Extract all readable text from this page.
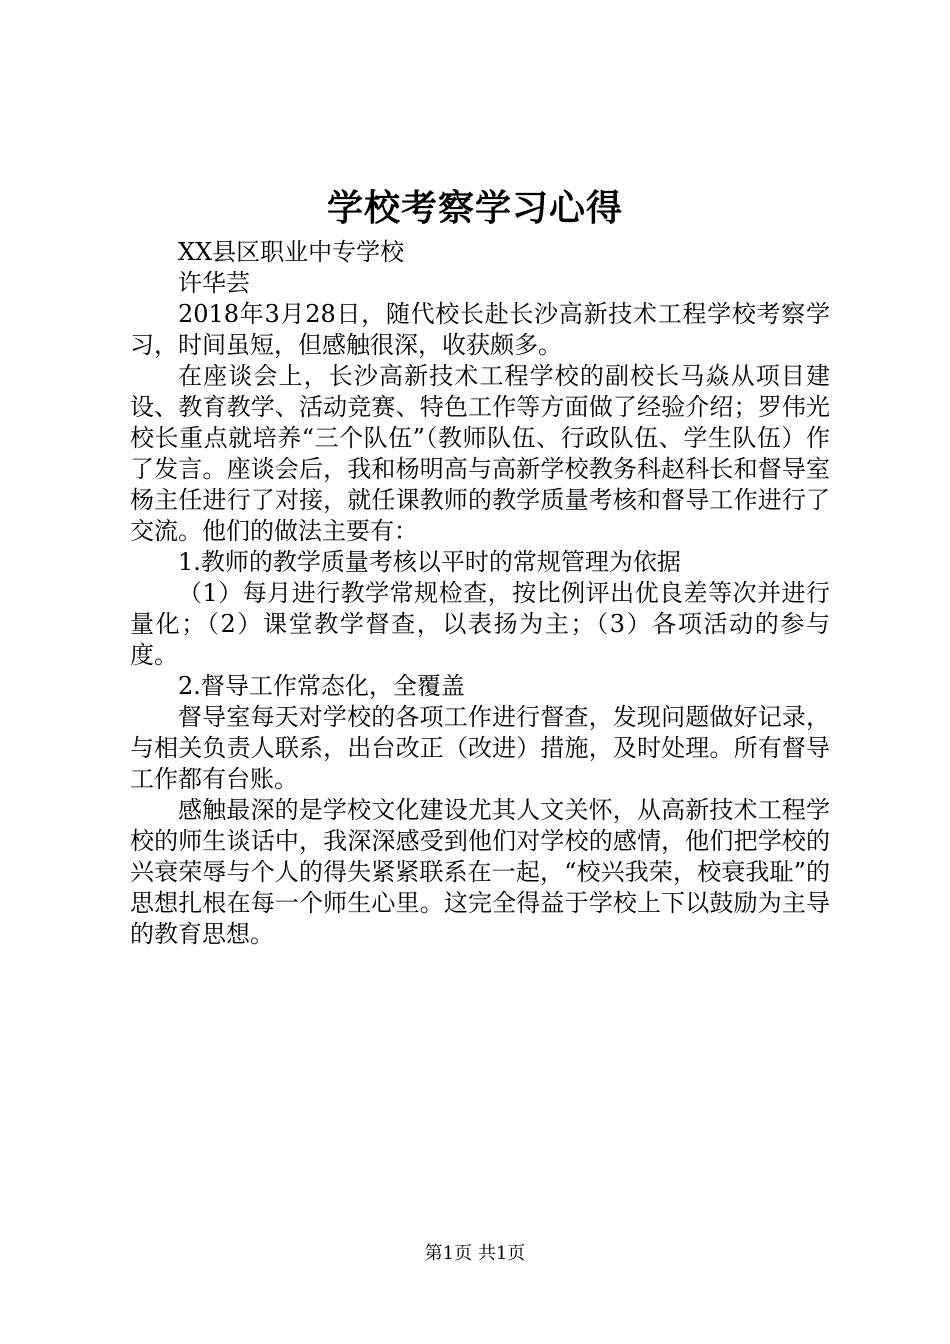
学校考察学习心得

XX县区职业中专学校

许华芸

2018年3月28日，随代校长赴长沙高新技术工程学校考察学习，时间虽短，但感触很深，收获颇多。

在座谈会上，长沙高新技术工程学校的副校长马焱从项目建设、教育教学、活动竞赛、特色工作等方面做了经验介绍；罗伟光校长重点就培养“三个队伍”（教师队伍、行政队伍、学生队伍）作了发言。座谈会后，我和杨明高与高新学校教务科赵科长和督导室杨主任进行了对接，就任课教师的教学质量考核和督导工作进行了交流。他们的做法主要有：

1.教师的教学质量考核以平时的常规管理为依据

（1）每月进行教学常规检查，按比例评出优良差等次并进行量化；（2）课堂教学督查，以表扬为主；（3）各项活动的参与度。

2.督导工作常态化，全覆盖

督导室每天对学校的各项工作进行督查，发现问题做好记录，与相关负责人联系，出台改正（改进）措施，及时处理。所有督导工作都有台账。

感触最深的是学校文化建设尤其人文关怀，从高新技术工程学校的师生谈话中，我深深感受到他们对学校的感情，他们把学校的兴衰荣辱与个人的得失紧紧联系在一起，“校兴我荣，校衰我耻”的思想扎根在每一个师生心里。这完全得益于学校上下以鼓励为主导的教育思想。

第1页 共1页
